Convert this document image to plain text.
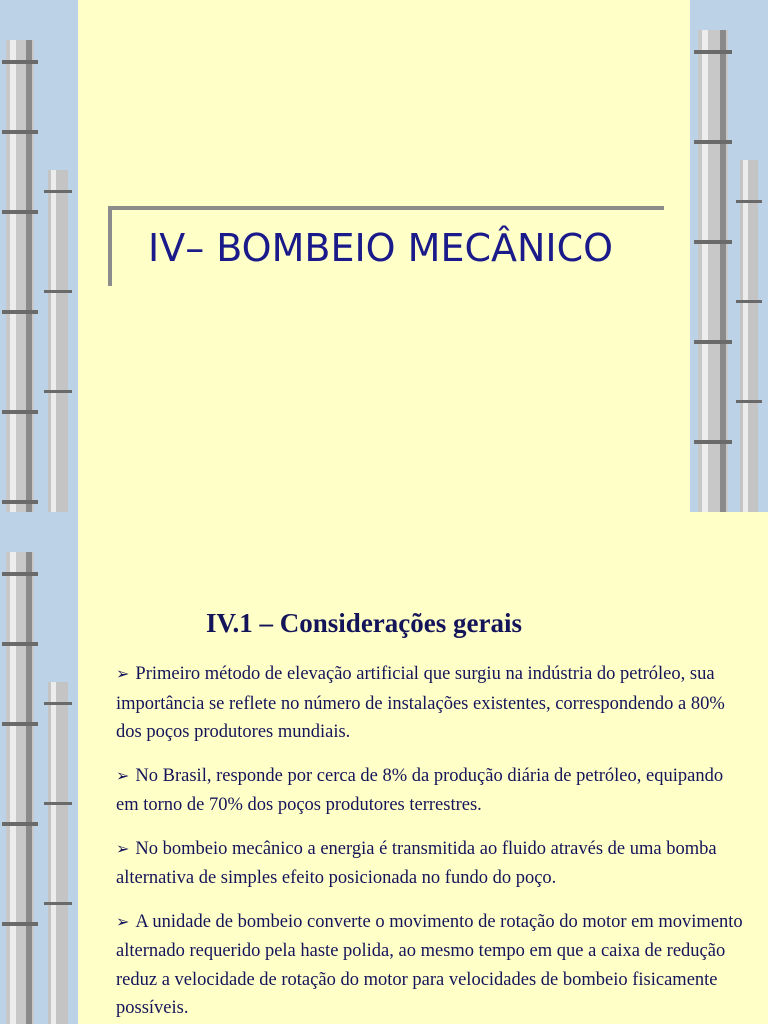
IV– BOMBEIO MECÂNICO
IV.1 – Considerações gerais
➢ Primeiro método de elevação artificial que surgiu na indústria do petróleo, sua importância se reflete no número de instalações existentes, correspondendo a 80% dos poços produtores mundiais.
➢ No Brasil, responde por cerca de 8% da produção diária de petróleo, equipando em torno de 70% dos poços produtores terrestres.
➢ No bombeio mecânico a energia é transmitida ao fluido através de uma bomba alternativa de simples efeito posicionada no fundo do poço.
➢ A unidade de bombeio converte o movimento de rotação do motor em movimento alternado requerido pela haste polida, ao mesmo tempo em que a caixa de redução reduz a velocidade de rotação do motor para velocidades de bombeio fisicamente possíveis.
